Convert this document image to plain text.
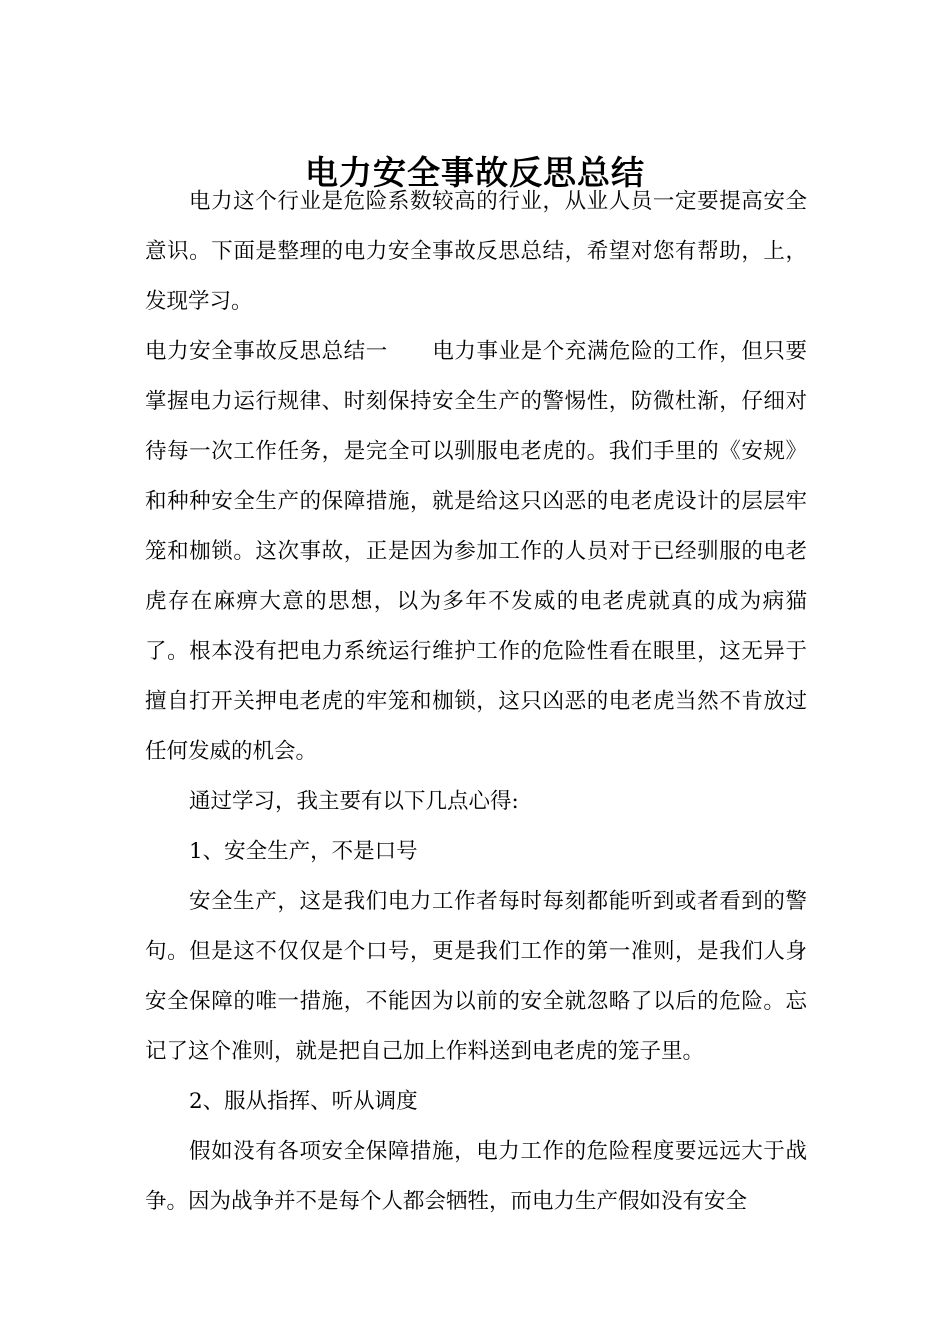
电力安全事故反思总结

电力这个行业是危险系数较高的行业，从业人员一定要提高安全意识。下面是整理的电力安全事故反思总结，希望对您有帮助，上，发现学习。

电力安全事故反思总结一 电力事业是个充满危险的工作，但只要掌握电力运行规律、时刻保持安全生产的警惕性，防微杜渐，仔细对待每一次工作任务，是完全可以驯服电老虎的。我们手里的《安规》和种种安全生产的保障措施，就是给这只凶恶的电老虎设计的层层牢笼和枷锁。这次事故，正是因为参加工作的人员对于已经驯服的电老虎存在麻痹大意的思想，以为多年不发威的电老虎就真的成为病猫了。根本没有把电力系统运行维护工作的危险性看在眼里，这无异于擅自打开关押电老虎的牢笼和枷锁，这只凶恶的电老虎当然不肯放过任何发威的机会。

通过学习，我主要有以下几点心得:

1、安全生产，不是口号

安全生产，这是我们电力工作者每时每刻都能听到或者看到的警句。但是这不仅仅是个口号，更是我们工作的第一准则，是我们人身安全保障的唯一措施，不能因为以前的安全就忽略了以后的危险。忘记了这个准则，就是把自己加上作料送到电老虎的笼子里。

2、服从指挥、听从调度

假如没有各项安全保障措施，电力工作的危险程度要远远大于战争。因为战争并不是每个人都会牺牲，而电力生产假如没有安全
